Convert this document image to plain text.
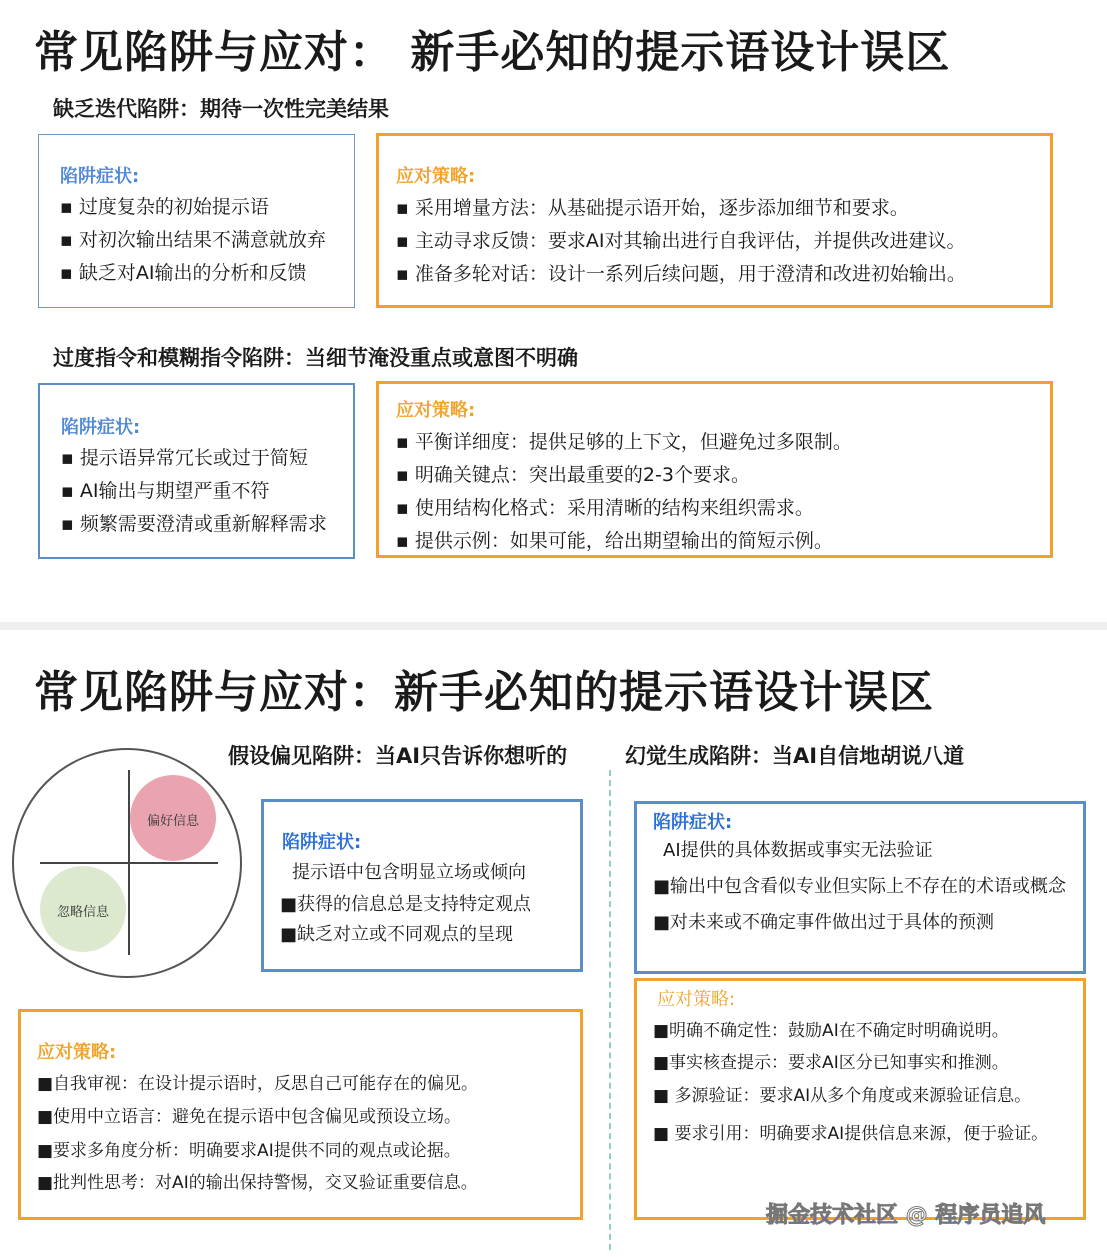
常见陷阱与应对： 新手必知的提示语设计误区
缺乏迭代陷阱：期待一次性完美结果
陷阱症状:
▪ 过度复杂的初始提示语
▪ 对初次输出结果不满意就放弃
▪ 缺乏对AI输出的分析和反馈
应对策略:
▪ 采用增量方法：从基础提示语开始，逐步添加细节和要求。
▪ 主动寻求反馈：要求AI对其输出进行自我评估，并提供改进建议。
▪ 准备多轮对话：设计一系列后续问题，用于澄清和改进初始输出。
过度指令和模糊指令陷阱：当细节淹没重点或意图不明确
陷阱症状:
▪ 提示语异常冗长或过于简短
▪ AI输出与期望严重不符
▪ 频繁需要澄清或重新解释需求
应对策略:
▪ 平衡详细度：提供足够的上下文，但避免过多限制。
▪ 明确关键点：突出最重要的2-3个要求。
▪ 使用结构化格式：采用清晰的结构来组织需求。
▪ 提供示例：如果可能，给出期望输出的简短示例。
常见陷阱与应对：新手必知的提示语设计误区
假设偏见陷阱：当AI只告诉你想听的	幻觉生成陷阱：当AI自信地胡说八道
偏好信息
忽略信息
陷阱症状:
提示语中包含明显立场或倾向
■获得的信息总是支持特定观点
■缺乏对立或不同观点的呈现
应对策略:
■自我审视：在设计提示语时，反思自己可能存在的偏见。
■使用中立语言：避免在提示语中包含偏见或预设立场。
■要求多角度分析：明确要求AI提供不同的观点或论据。
■批判性思考：对AI的输出保持警惕，交叉验证重要信息。
陷阱症状:
AI提供的具体数据或事实无法验证
■输出中包含看似专业但实际上不存在的术语或概念
■对未来或不确定事件做出过于具体的预测
应对策略:
■明确不确定性：鼓励AI在不确定时明确说明。
■事实核查提示：要求AI区分已知事实和推测。
■ 多源验证：要求AI从多个角度或来源验证信息。
■ 要求引用：明确要求AI提供信息来源，便于验证。
掘金技术社区 @ 程序员追风
